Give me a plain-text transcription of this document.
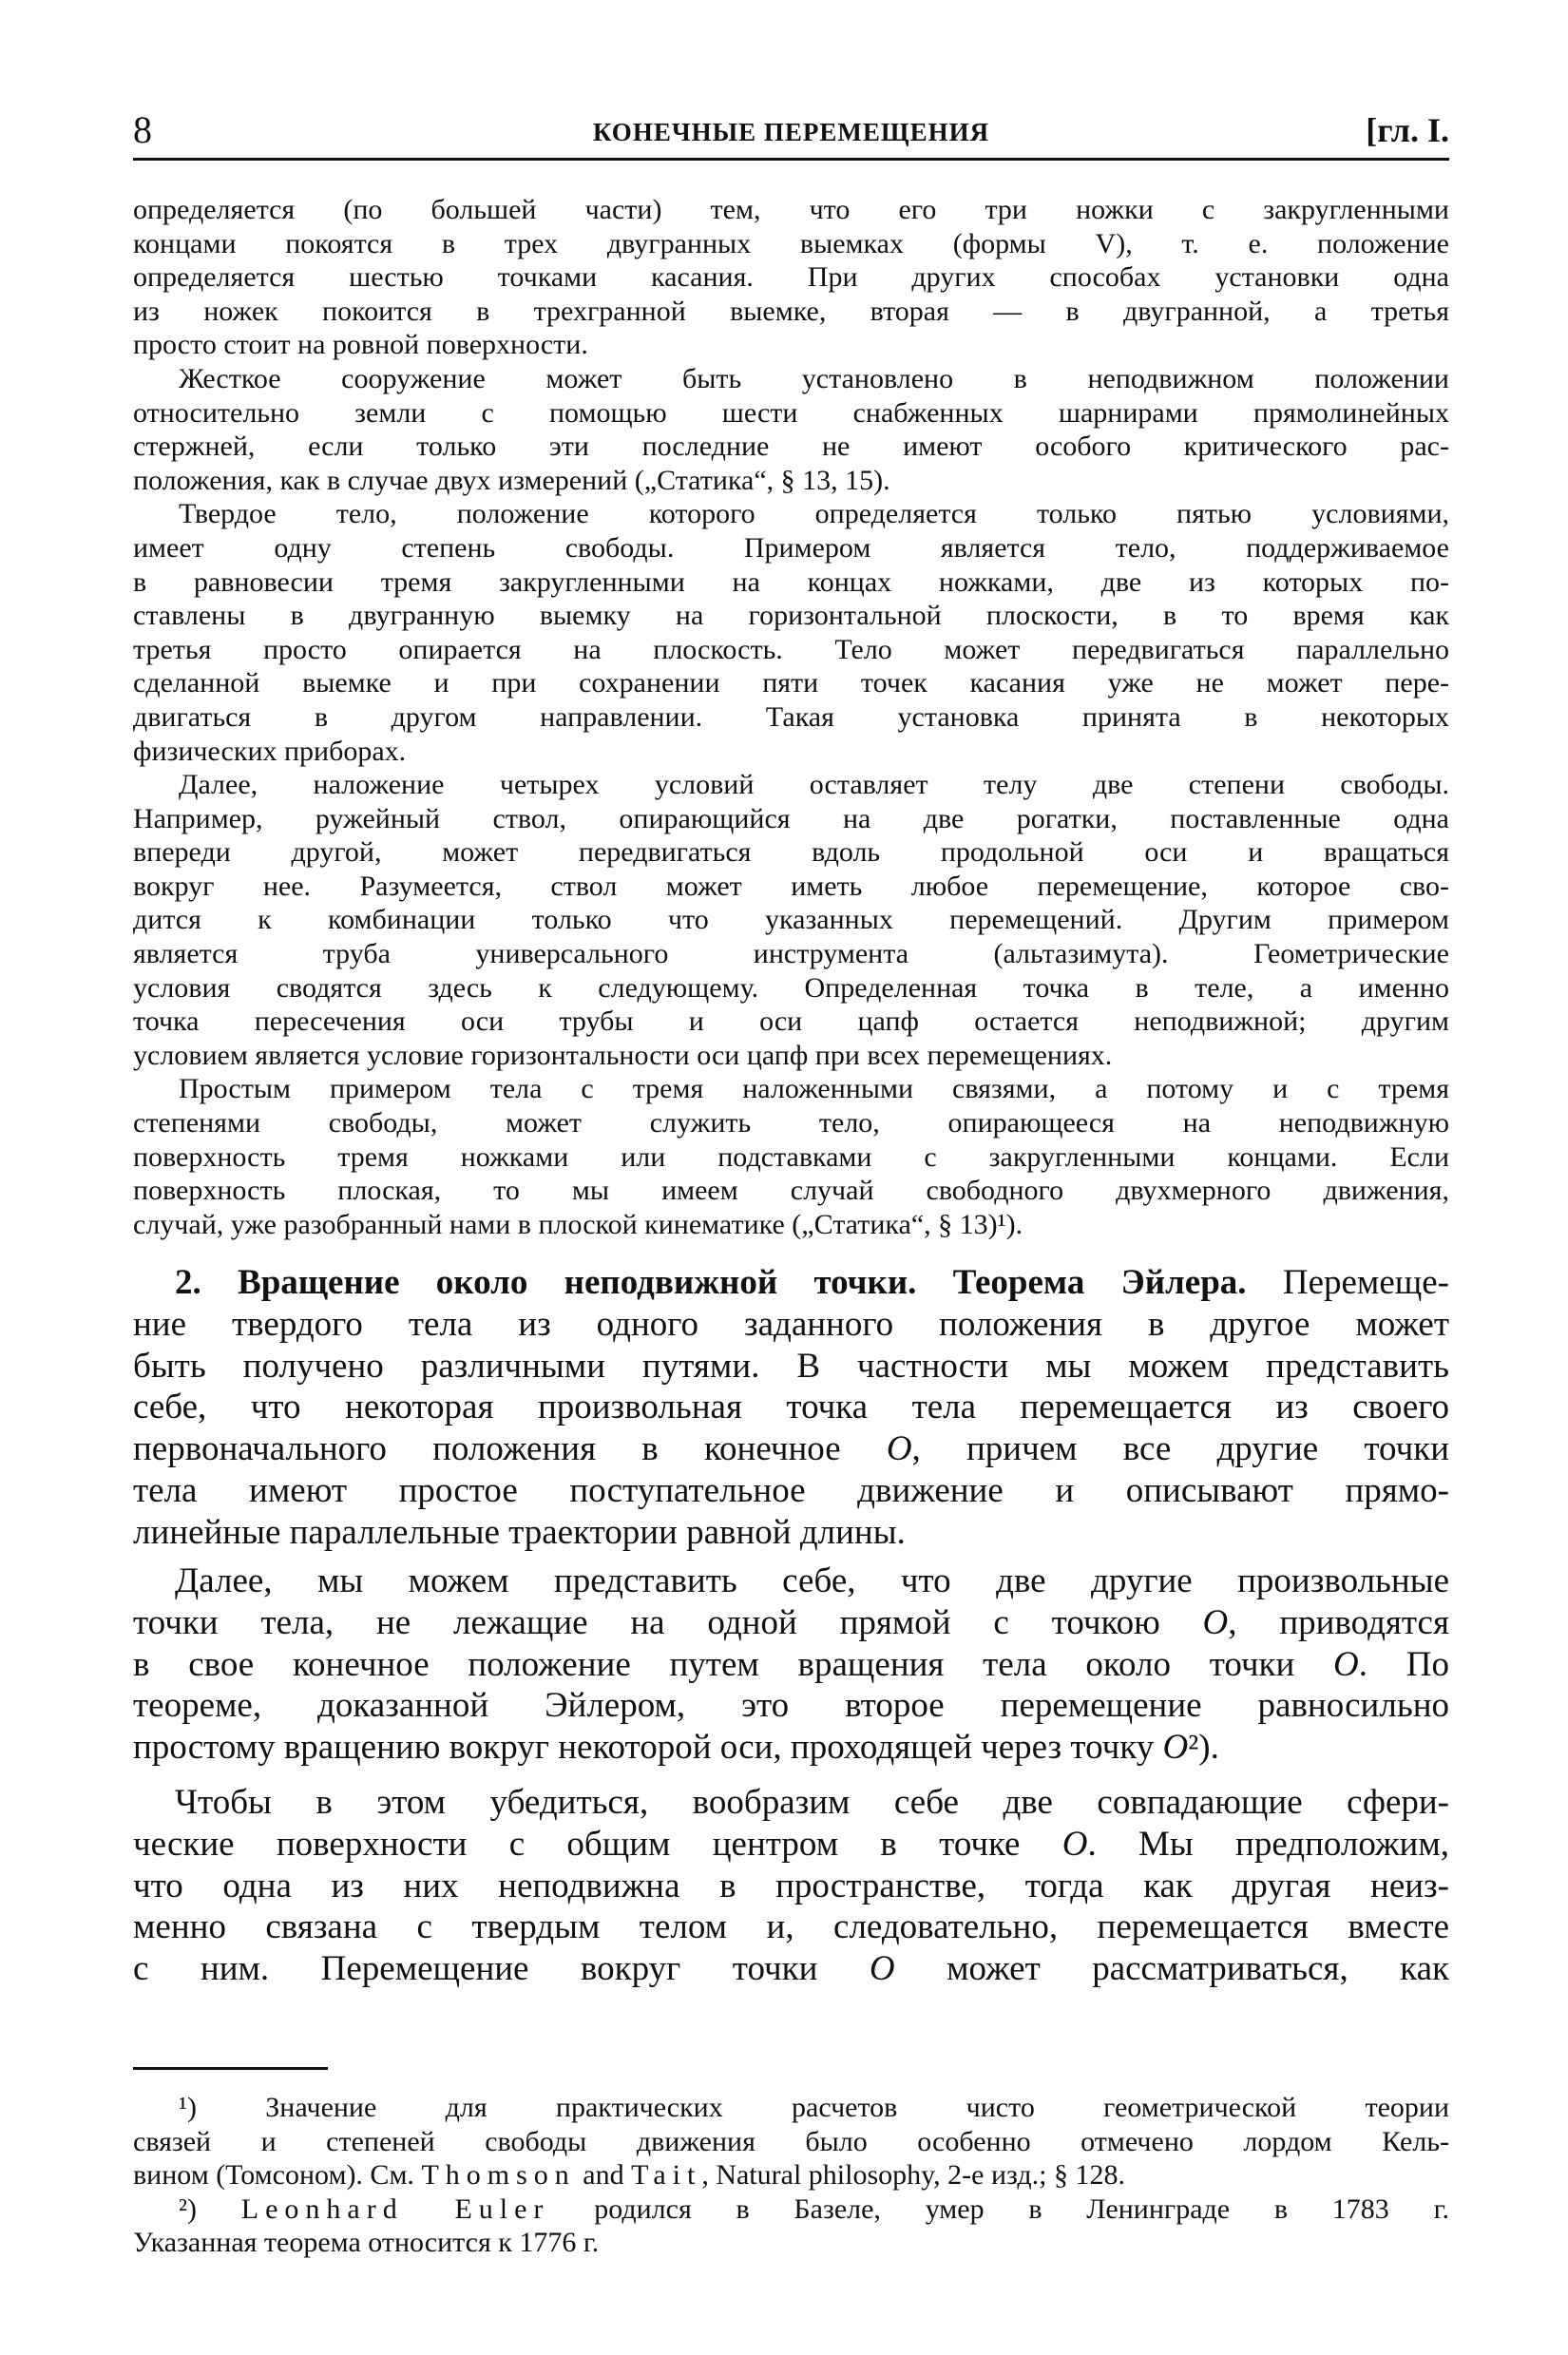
8	КОНЕЧНЫЕ ПЕРЕМЕЩЕНИЯ	[гл. I.
определяется (по большей части) тем, что его три ножки с закругленными
концами покоятся в трех двугранных выемках (формы V), т. е. положение
определяется шестью точками касания. При других способах установки одна
из ножек покоится в трехгранной выемке, вторая — в двугранной, а третья
просто стоит на ровной поверхности.
Жесткое сооружение может быть установлено в неподвижном положении
относительно земли с помощью шести снабженных шарнирами прямолинейных
стержней, если только эти последние не имеют особого критического рас-
положения, как в случае двух измерений („Статика“, § 13, 15).
Твердое тело, положение которого определяется только пятью условиями,
имеет одну степень свободы. Примером является тело, поддерживаемое
в равновесии тремя закругленными на концах ножками, две из которых по-
ставлены в двугранную выемку на горизонтальной плоскости, в то время как
третья просто опирается на плоскость. Тело может передвигаться параллельно
сделанной выемке и при сохранении пяти точек касания уже не может пере-
двигаться в другом направлении. Такая установка принята в некоторых
физических приборах.
Далее, наложение четырех условий оставляет телу две степени свободы.
Например, ружейный ствол, опирающийся на две рогатки, поставленные одна
впереди другой, может передвигаться вдоль продольной оси и вращаться
вокруг нее. Разумеется, ствол может иметь любое перемещение, которое сво-
дится к комбинации только что указанных перемещений. Другим примером
является труба универсального инструмента (альтазимута). Геометрические
условия сводятся здесь к следующему. Определенная точка в теле, а именно
точка пересечения оси трубы и оси цапф остается неподвижной; другим
условием является условие горизонтальности оси цапф при всех перемещениях.
Простым примером тела с тремя наложенными связями, а потому и с тремя
степенями свободы, может служить тело, опирающееся на неподвижную
поверхность тремя ножками или подставками с закругленными концами. Если
поверхность плоская, то мы имеем случай свободного двухмерного движения,
случай, уже разобранный нами в плоской кинематике („Статика“, § 13)¹).
2. Вращение около неподвижной точки. Теорема Эйлера. Перемеще-
ние твердого тела из одного заданного положения в другое может
быть получено различными путями. В частности мы можем представить
себе, что некоторая произвольная точка тела перемещается из своего
первоначального положения в конечное O, причем все другие точки
тела имеют простое поступательное движение и описывают прямо-
линейные параллельные траектории равной длины.
Далее, мы можем представить себе, что две другие произвольные
точки тела, не лежащие на одной прямой с точкою O, приводятся
в свое конечное положение путем вращения тела около точки O. По
теореме, доказанной Эйлером, это второе перемещение равносильно
простому вращению вокруг некоторой оси, проходящей через точку O²).
Чтобы в этом убедиться, вообразим себе две совпадающие сфери-
ческие поверхности с общим центром в точке O. Мы предположим,
что одна из них неподвижна в пространстве, тогда как другая неиз-
менно связана с твердым телом и, следовательно, перемещается вместе
с ним. Перемещение вокруг точки O может рассматриваться, как
¹) Значение для практических расчетов чисто геометрической теории
связей и степеней свободы движения было особенно отмечено лордом Кель-
вином (Томсоном). См. Thomson and Tait, Natural philosophy, 2-е изд.; § 128.
²) Leonhard Euler родился в Базеле, умер в Ленинграде в 1783 г.
Указанная теорема относится к 1776 г.
